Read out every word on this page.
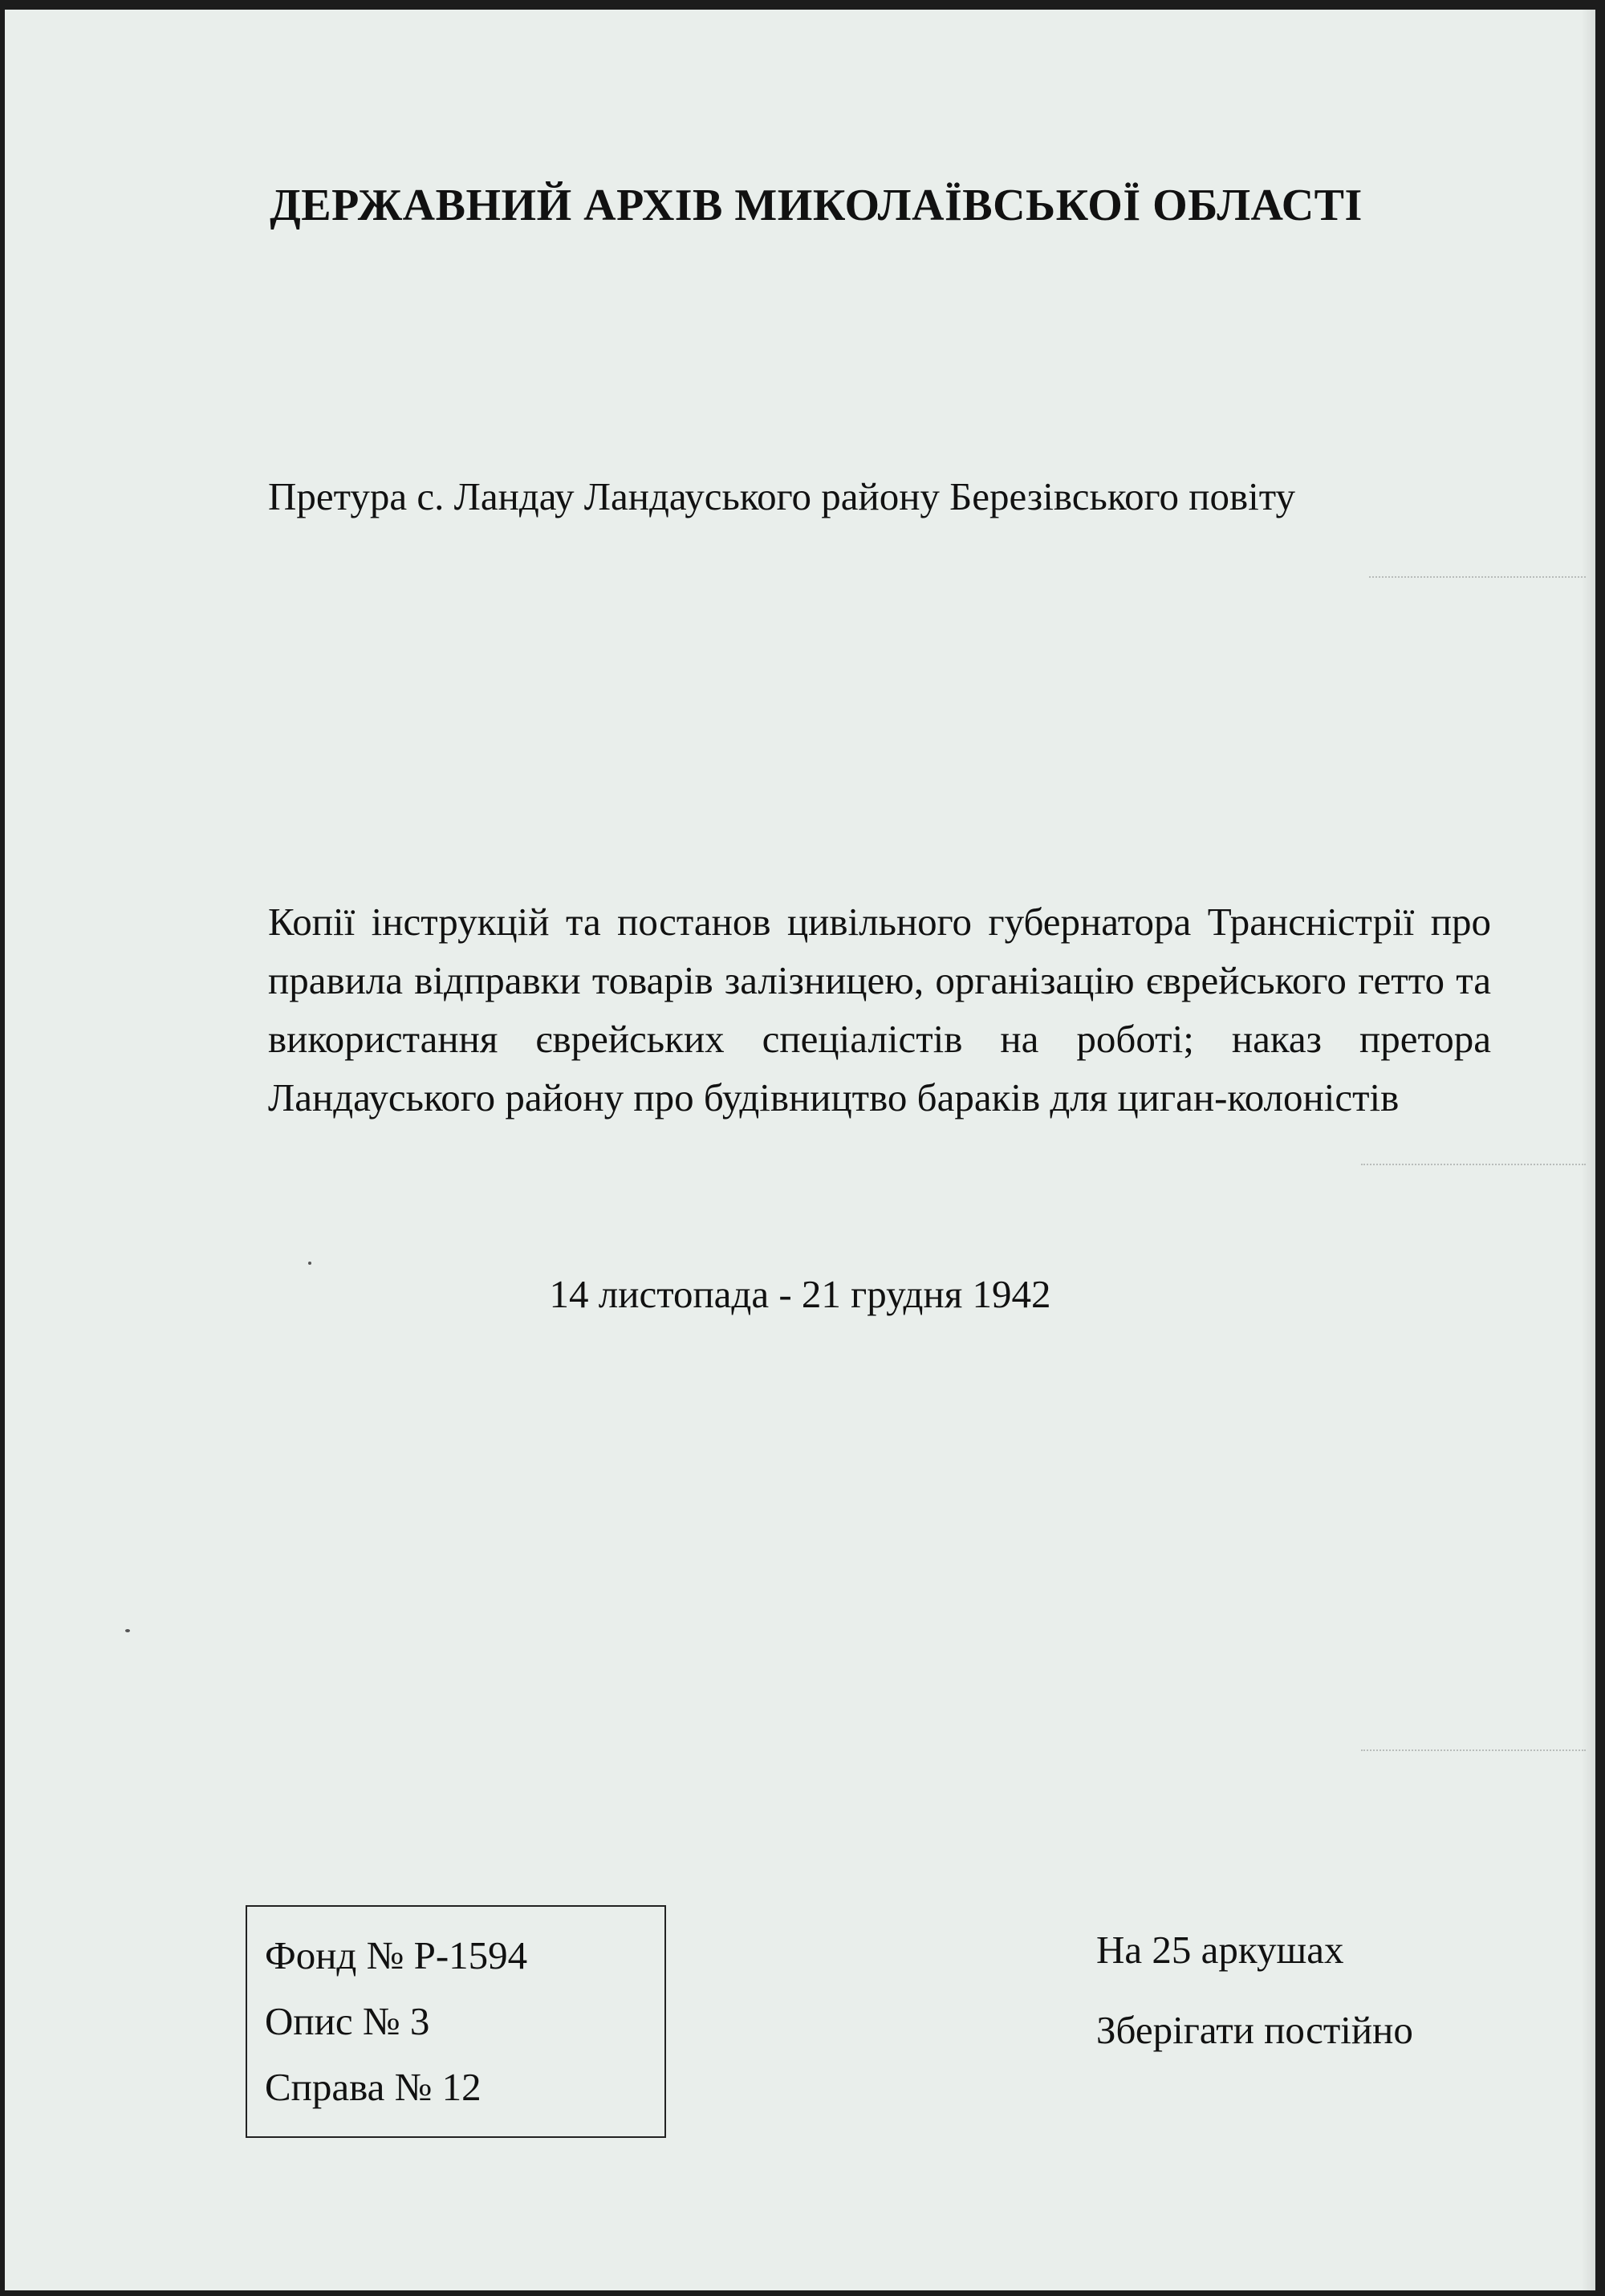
ДЕРЖАВНИЙ АРХІВ МИКОЛАЇВСЬКОЇ ОБЛАСТІ
Претура с. Ландау Ландауського району Березівського повіту
Копії інструкцій та постанов цивільного губернатора Трансністрії про правила відправки товарів залізницею, організацію єврейського гетто та використання єврейських спеціалістів на роботі; наказ претора Ландауського району про будівництво бараків для циган-колоністів
14 листопада - 21 грудня 1942
Фонд № Р-1594
Опис № 3
Справа № 12
На 25 аркушах
Зберігати постійно
